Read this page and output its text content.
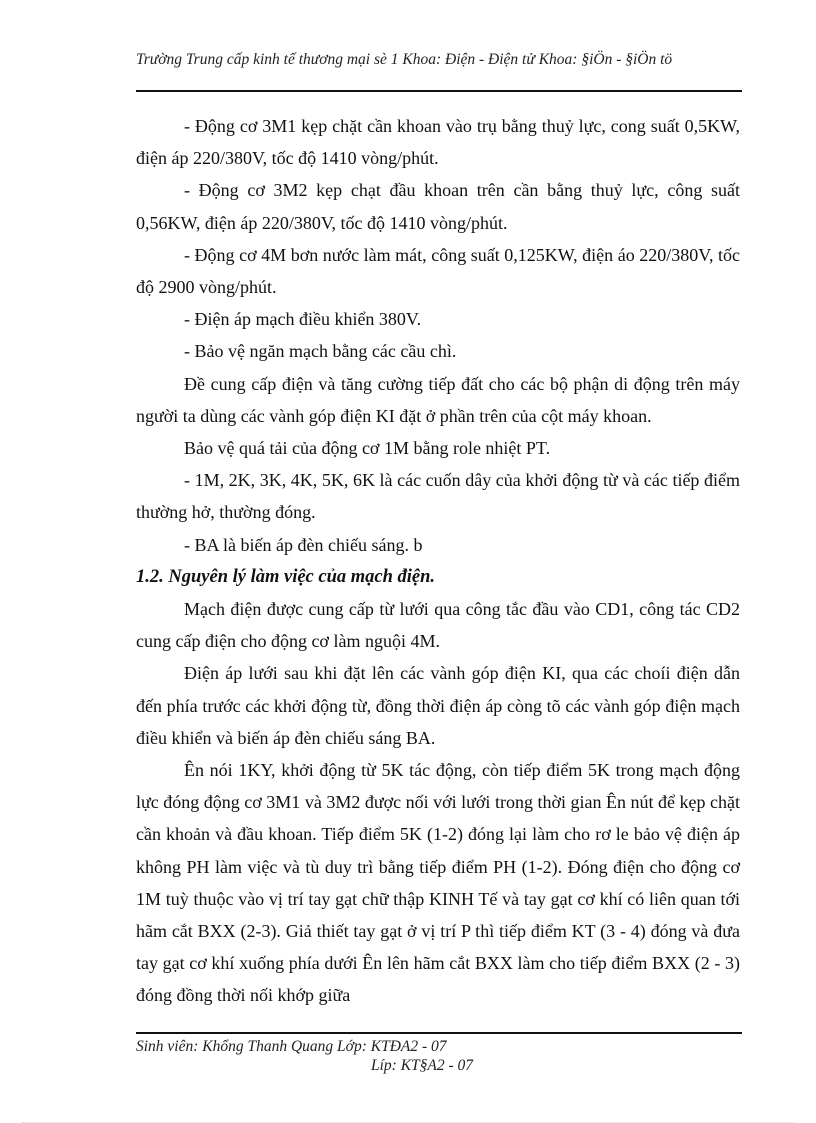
Trường Trung cấp kinh tế thương mại sè 1 Khoa: Điện - Điện tử Khoa: §iÖn - §iÖn tö

- Động cơ 3M1 kẹp chặt cần khoan vào trụ bằng thuỷ lực, cong suất 0,5KW, điện áp 220/380V, tốc độ 1410 vòng/phút.

- Động cơ 3M2 kẹp chạt đầu khoan trên cần bằng thuỷ lực, công suất 0,56KW, điện áp 220/380V, tốc độ 1410 vòng/phút.

- Động cơ 4M bơn nước làm mát, công suất 0,125KW, điện áo 220/380V, tốc độ 2900 vòng/phút.

- Điện áp mạch điều khiển 380V.

- Bảo vệ ngăn mạch bằng các cầu chì.

Đề cung cấp điện và tăng cường tiếp đất cho các bộ phận di động trên máy người ta dùng các vành góp điện KI đặt ở phần trên của cột máy khoan.

Bảo vệ quá tải của động cơ 1M bằng role nhiệt PT.

- 1M, 2K, 3K, 4K, 5K, 6K là các cuốn dây của khởi động từ và các tiếp điểm thường hở, thường đóng.

- BA là biến áp đèn chiếu sáng. b

1.2. Nguyên lý làm việc của mạch điện.

Mạch điện được cung cấp từ lưới qua công tắc đầu vào CD1, công tác CD2 cung cấp điện cho động cơ làm nguội 4M.

Điện áp lưới sau khi đặt lên các vành góp điện KI, qua các choíi điện dẫn đến phía trước các khởi động từ, đồng thời điện áp còng tõ các vành góp điện mạch điều khiển và biến áp đèn chiếu sáng BA.

Ên nói 1KY, khởi động từ 5K tác động, còn tiếp điểm 5K trong mạch động lực đóng động cơ 3M1 và 3M2 được nối với lưới trong thời gian Ên nút để kẹp chặt cần khoản và đầu khoan. Tiếp điểm 5K (1-2) đóng lại làm cho rơ le bảo vệ điện áp không PH làm việc và tù duy trì bằng tiếp điểm PH (1-2). Đóng điện cho động cơ 1M tuỳ thuộc vào vị trí tay gạt chữ thập KINH Tế và tay gạt cơ khí có liên quan tới hãm cắt BXX (2-3). Giả thiết tay gạt ở vị trí P thì tiếp điểm KT (3 - 4) đóng và đưa tay gạt cơ khí xuống phía dưới Ên lên hãm cắt BXX làm cho tiếp điểm BXX (2 - 3) đóng đồng thời nối khớp giữa

Sinh viên: Khổng Thanh Quang Lớp: KTĐA2 - 07
Líp: KT§A2 - 07
